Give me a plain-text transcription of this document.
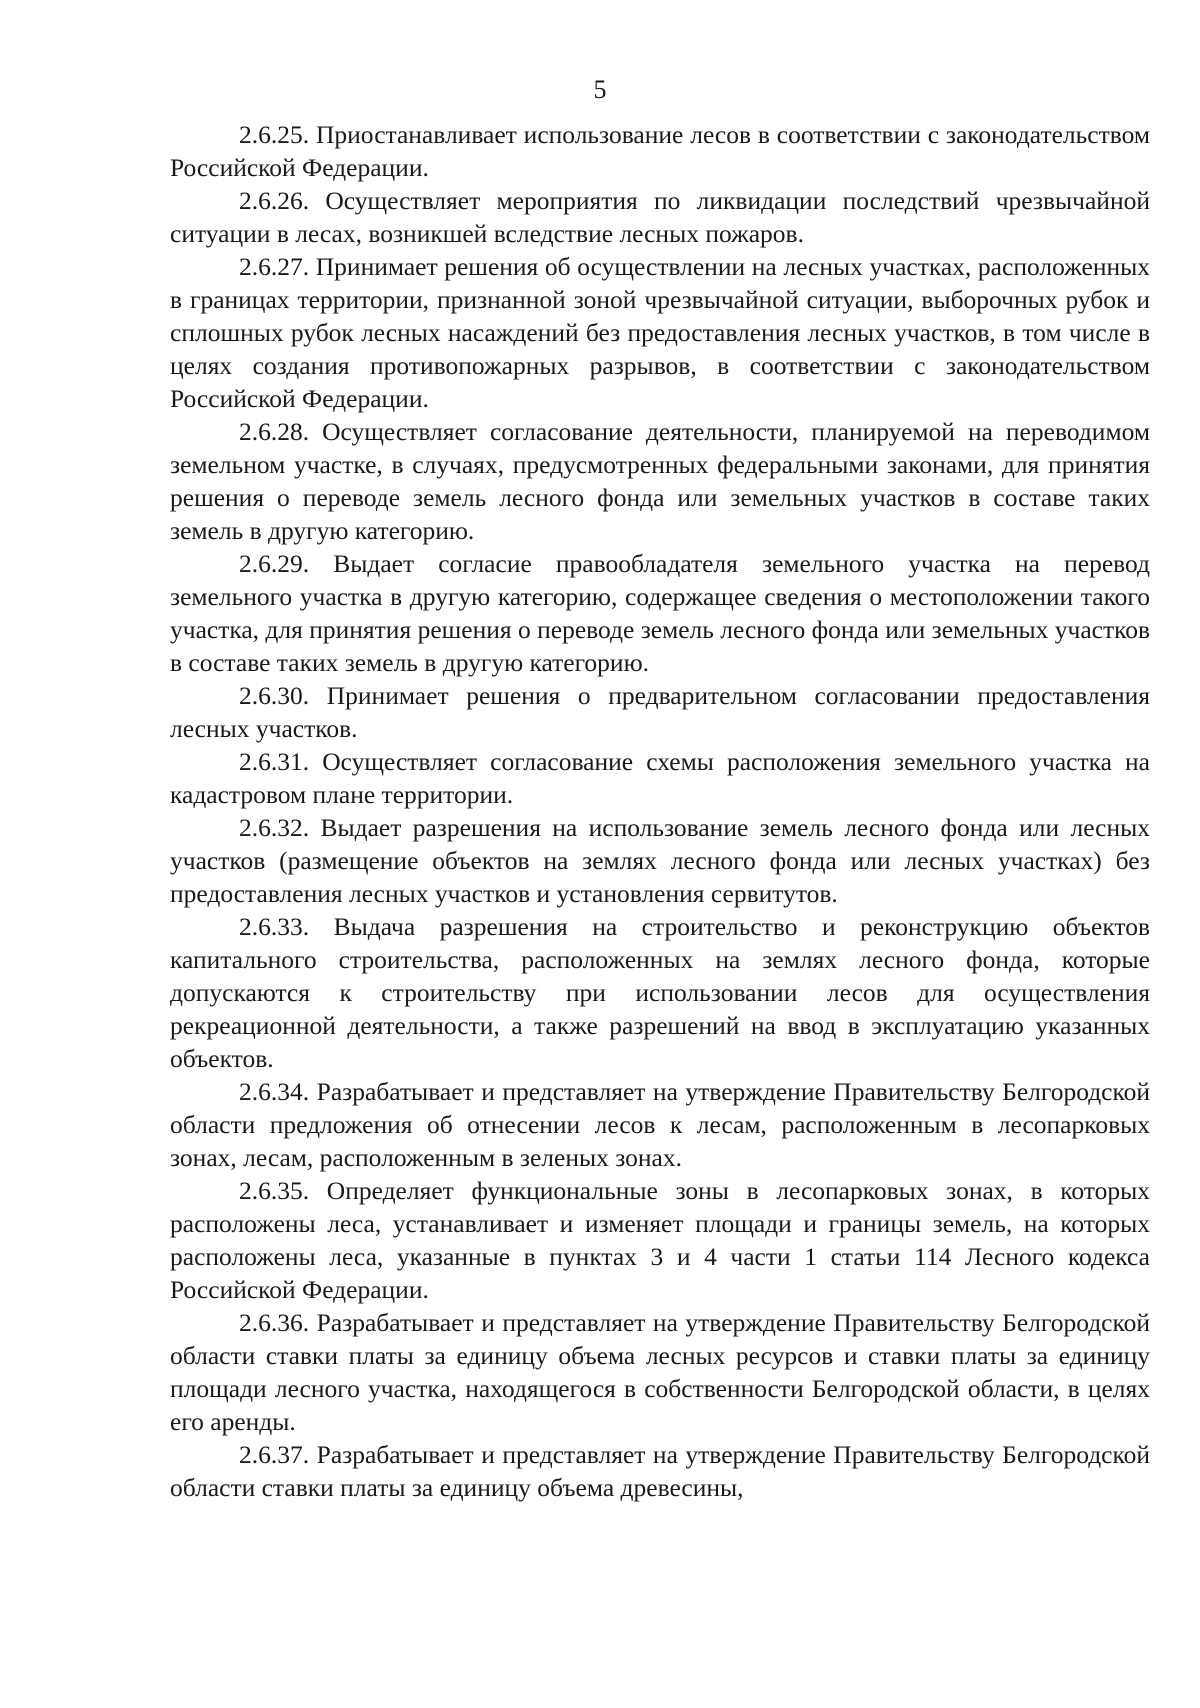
5

2.6.25. Приостанавливает использование лесов в соответствии с законодательством Российской Федерации.

2.6.26. Осуществляет мероприятия по ликвидации последствий чрезвычайной ситуации в лесах, возникшей вследствие лесных пожаров.

2.6.27. Принимает решения об осуществлении на лесных участках, расположенных в границах территории, признанной зоной чрезвычайной ситуации, выборочных рубок и сплошных рубок лесных насаждений без предоставления лесных участков, в том числе в целях создания противопожарных разрывов, в соответствии с законодательством Российской Федерации.

2.6.28. Осуществляет согласование деятельности, планируемой на переводимом земельном участке, в случаях, предусмотренных федеральными законами, для принятия решения о переводе земель лесного фонда или земельных участков в составе таких земель в другую категорию.

2.6.29. Выдает согласие правообладателя земельного участка на перевод земельного участка в другую категорию, содержащее сведения о местоположении такого участка, для принятия решения о переводе земель лесного фонда или земельных участков в составе таких земель в другую категорию.

2.6.30. Принимает решения о предварительном согласовании предоставления лесных участков.

2.6.31. Осуществляет согласование схемы расположения земельного участка на кадастровом плане территории.

2.6.32. Выдает разрешения на использование земель лесного фонда или лесных участков (размещение объектов на землях лесного фонда или лесных участках) без предоставления лесных участков и установления сервитутов.

2.6.33. Выдача разрешения на строительство и реконструкцию объектов капитального строительства, расположенных на землях лесного фонда, которые допускаются к строительству при использовании лесов для осуществления рекреационной деятельности, а также разрешений на ввод в эксплуатацию указанных объектов.

2.6.34. Разрабатывает и представляет на утверждение Правительству Белгородской области предложения об отнесении лесов к лесам, расположенным в лесопарковых зонах, лесам, расположенным в зеленых зонах.

2.6.35. Определяет функциональные зоны в лесопарковых зонах, в которых расположены леса, устанавливает и изменяет площади и границы земель, на которых расположены леса, указанные в пунктах 3 и 4 части 1 статьи 114 Лесного кодекса Российской Федерации.

2.6.36. Разрабатывает и представляет на утверждение Правительству Белгородской области ставки платы за единицу объема лесных ресурсов и ставки платы за единицу площади лесного участка, находящегося в собственности Белгородской области, в целях его аренды.

2.6.37. Разрабатывает и представляет на утверждение Правительству Белгородской области ставки платы за единицу объема древесины,
